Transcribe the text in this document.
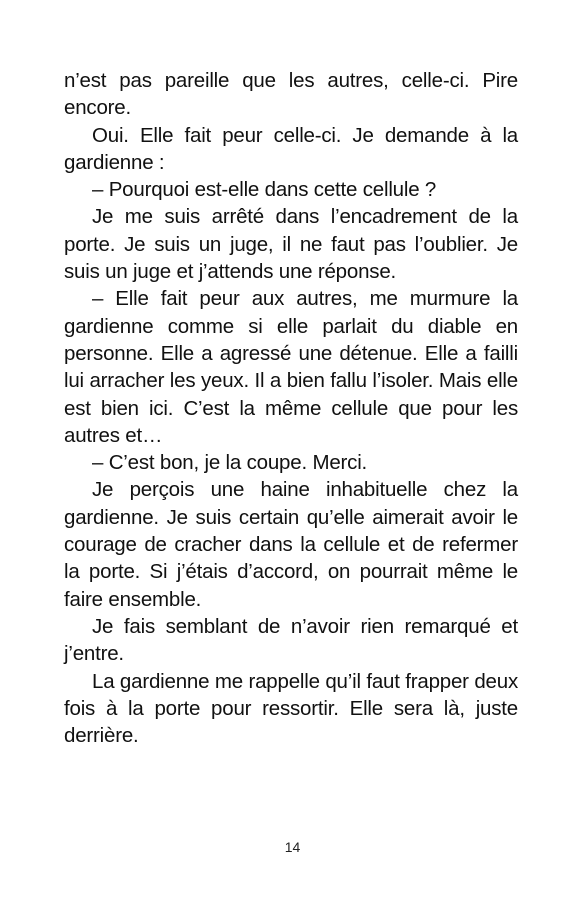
n’est pas pareille que les autres, celle-ci. Pire encore.

Oui. Elle fait peur celle-ci. Je demande à la gardienne :

– Pourquoi est-elle dans cette cellule ?

Je me suis arrêté dans l’encadrement de la porte. Je suis un juge, il ne faut pas l’oublier. Je suis un juge et j’attends une réponse.

– Elle fait peur aux autres, me murmure la gardienne comme si elle parlait du diable en personne. Elle a agressé une détenue. Elle a failli lui arracher les yeux. Il a bien fallu l’isoler. Mais elle est bien ici. C’est la même cellule que pour les autres et…

– C’est bon, je la coupe. Merci.

Je perçois une haine inhabituelle chez la gardienne. Je suis certain qu’elle aimerait avoir le courage de cracher dans la cellule et de refermer la porte. Si j’étais d’accord, on pourrait même le faire ensemble.

Je fais semblant de n’avoir rien remarqué et j’entre.

La gardienne me rappelle qu’il faut frapper deux fois à la porte pour ressortir. Elle sera là, juste derrière.

14
